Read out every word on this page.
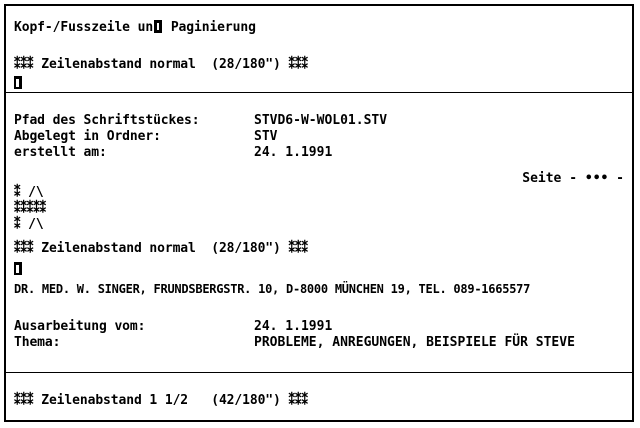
Kopf-/Fusszeile un Paginierung
⁑⁑⁑ Zeilenabstand normal  (28/180") ⁑⁑⁑
Pfad des Schriftstückes:	STVD6-W-WOL01.STV
Abgelegt in Ordner:	STV
erstellt am:	24. 1.1991
Seite - ••• -
⁑ /\
⁑⁑⁑⁑⁑
⁑ /\
⁑⁑⁑ Zeilenabstand normal  (28/180") ⁑⁑⁑
DR. MED. W. SINGER, FRUNDSBERGSTR. 10, D-8000 MÜNCHEN 19, TEL. 089-1665577
Ausarbeitung vom:	24. 1.1991
Thema:	PROBLEME, ANREGUNGEN, BEISPIELE FÜR STEVE
⁑⁑⁑ Zeilenabstand 1 1/2   (42/180") ⁑⁑⁑
